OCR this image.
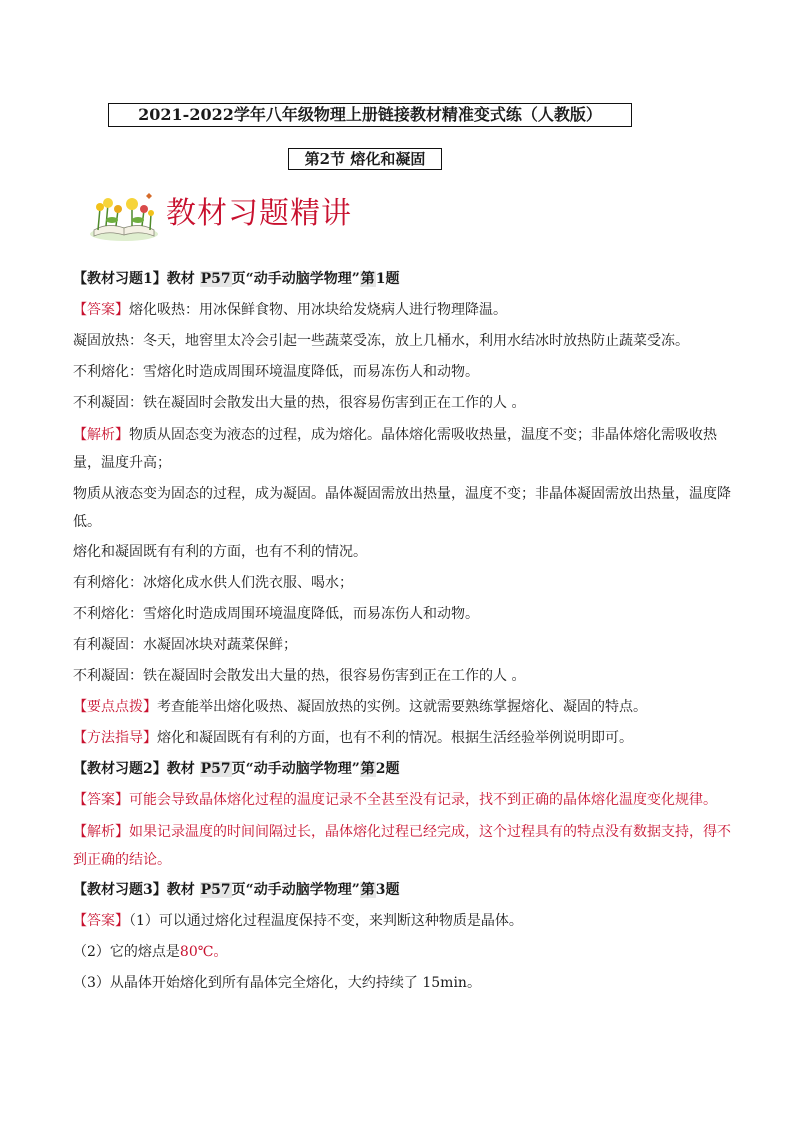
2021-2022学年八年级物理上册链接教材精准变式练（人教版）
第2节 熔化和凝固
教材习题精讲
【教材习题1】教材 P57页“动手动脑学物理”第1题
【答案】熔化吸热：用冰保鲜食物、用冰块给发烧病人进行物理降温。
凝固放热：冬天，地窖里太冷会引起一些蔬菜受冻，放上几桶水，利用水结冰时放热防止蔬菜受冻。
不利熔化：雪熔化时造成周围环境温度降低，而易冻伤人和动物。
不利凝固：铁在凝固时会散发出大量的热，很容易伤害到正在工作的人 。
【解析】物质从固态变为液态的过程，成为熔化。晶体熔化需吸收热量，温度不变；非晶体熔化需吸收热量，温度升高；
物质从液态变为固态的过程，成为凝固。晶体凝固需放出热量，温度不变；非晶体凝固需放出热量，温度降低。
熔化和凝固既有有利的方面，也有不利的情况。
有利熔化：冰熔化成水供人们洗衣服、喝水；
不利熔化：雪熔化时造成周围环境温度降低，而易冻伤人和动物。
有利凝固：水凝固冰块对蔬菜保鲜；
不利凝固：铁在凝固时会散发出大量的热，很容易伤害到正在工作的人 。
【要点点拨】考查能举出熔化吸热、凝固放热的实例。这就需要熟练掌握熔化、凝固的特点。
【方法指导】熔化和凝固既有有利的方面，也有不利的情况。根据生活经验举例说明即可。
【教材习题2】教材 P57页“动手动脑学物理”第2题
【答案】可能会导致晶体熔化过程的温度记录不全甚至没有记录，找不到正确的晶体熔化温度变化规律。
【解析】如果记录温度的时间间隔过长，晶体熔化过程已经完成，这个过程具有的特点没有数据支持，得不到正确的结论。
【教材习题3】教材 P57页“动手动脑学物理”第3题
【答案】（1）可以通过熔化过程温度保持不变，来判断这种物质是晶体。
（2）它的熔点是80℃。
（3）从晶体开始熔化到所有晶体完全熔化，大约持续了 15min。
